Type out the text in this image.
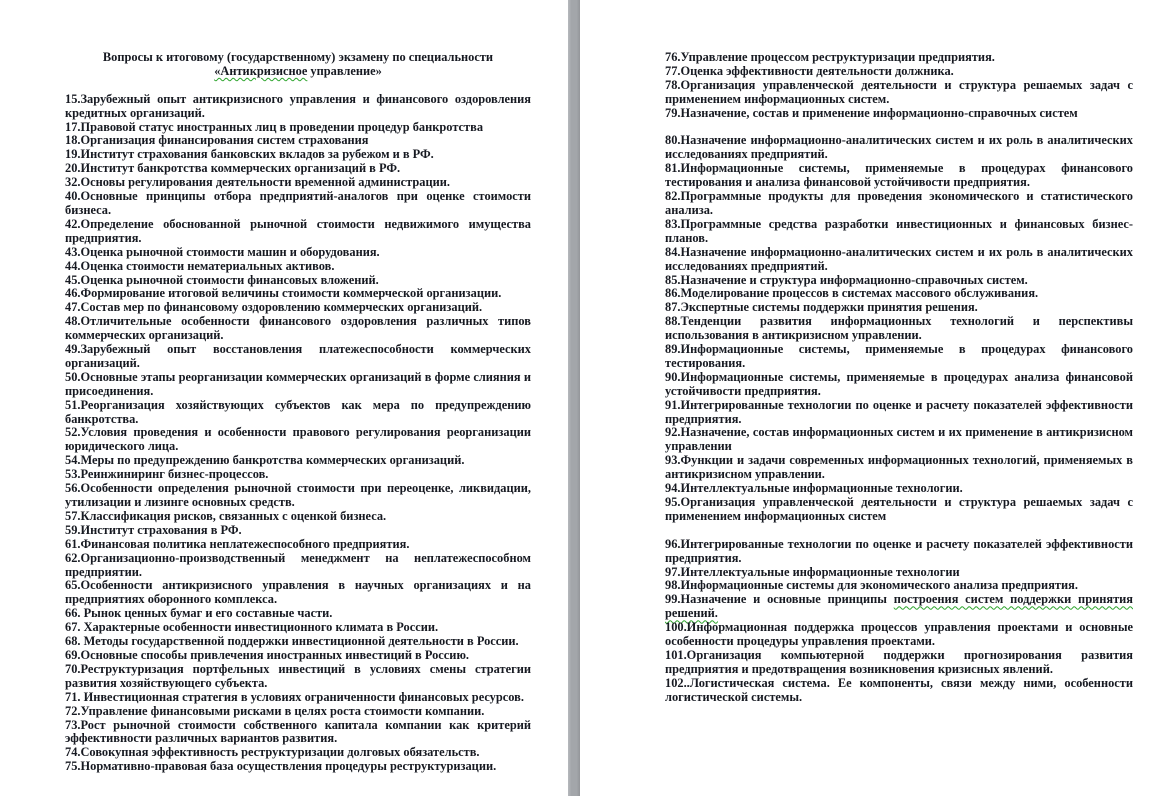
Вопросы к итоговому (государственному) экзамену по специальности

«Антикризисное управление»

15.Зарубежный опыт антикризисного управления и финансового оздоровления кредитных организаций.

17.Правовой статус иностранных лиц в проведении процедур банкротства

18.Организация финансирования систем страхования

19.Институт страхования банковских вкладов за рубежом и в РФ.

20.Институт банкротства коммерческих организаций в РФ.

32.Основы регулирования деятельности временной администрации.

40.Основные принципы отбора предприятий-аналогов при оценке стоимости бизнеса.

42.Определение обоснованной рыночной стоимости недвижимого имущества предприятия.

43.Оценка рыночной стоимости машин и оборудования.

44.Оценка стоимости нематериальных активов.

45.Оценка рыночной стоимости финансовых вложений.

46.Формирование итоговой величины стоимости коммерческой организации.

47.Состав мер по финансовому оздоровлению коммерческих организаций.

48.Отличительные особенности финансового оздоровления различных типов коммерческих организаций.

49.Зарубежный опыт восстановления платежеспособности коммерческих организаций.

50.Основные этапы реорганизации коммерческих организаций в форме слияния и присоединения.

51.Реорганизация хозяйствующих субъектов как мера по предупреждению банкротства.

52.Условия проведения и особенности правового регулирования реорганизации юридического лица.

54.Меры по предупреждению банкротства коммерческих организаций.

53.Реинжиниринг бизнес-процессов.

56.Особенности определения рыночной стоимости при переоценке, ликвидации, утилизации и лизинге основных средств.

57.Классификация рисков, связанных с оценкой бизнеса.

59.Институт страхования в РФ.

61.Финансовая политика неплатежеспособного предприятия.

62.Организационно-производственный менеджмент на неплатежеспособном предприятии.

65.Особенности антикризисного управления в научных организациях и на предприятиях оборонного комплекса.

66. Рынок ценных бумаг и его составные части.

67. Характерные особенности инвестиционного климата в России.

68. Методы государственной поддержки инвестиционной деятельности в России.

69.Основные способы привлечения иностранных инвестиций в Россию.

70.Реструктуризация портфельных инвестиций в условиях смены стратегии развития хозяйствующего субъекта.

71. Инвестиционная стратегия в условиях ограниченности финансовых ресурсов.

72.Управление финансовыми рисками в целях роста стоимости компании.

73.Рост рыночной стоимости собственного капитала компании как критерий эффективности различных вариантов развития.

74.Совокупная эффективность реструктуризации долговых обязательств.

75.Нормативно-правовая база осуществления процедуры реструктуризации.

76.Управление процессом реструктуризации предприятия.

77.Оценка эффективности деятельности должника.

78.Организация управленческой деятельности и структура решаемых задач с применением информационных систем.

79.Назначение, состав и применение информационно-справочных систем

80.Назначение информационно-аналитических систем и их роль в аналитических исследованиях предприятий.

81.Информационные системы, применяемые в процедурах финансового тестирования и анализа финансовой устойчивости предприятия.

82.Программные продукты для проведения экономического и статистического анализа.

83.Программные средства разработки инвестиционных и финансовых бизнес-планов.

84.Назначение информационно-аналитических систем и их роль в аналитических исследованиях предприятий.

85.Назначение и структура информационно-справочных систем.

86.Моделирование процессов в системах массового обслуживания.

87.Экспертные системы поддержки принятия решения.

88.Тенденции развития информационных технологий и перспективы использования в антикризисном управлении.

89.Информационные системы, применяемые в процедурах финансового тестирования.

90.Информационные системы, применяемые в процедурах анализа финансовой устойчивости предприятия.

91.Интегрированные технологии по оценке и расчету показателей эффективности предприятия.

92.Назначение, состав информационных систем и их применение в антикризисном управлении

93.Функции и задачи современных информационных технологий, применяемых в антикризисном управлении.

94.Интеллектуальные информационные технологии.

95.Организация управленческой деятельности и структура решаемых задач с применением информационных систем

96.Интегрированные технологии по оценке и расчету показателей эффективности предприятия.

97.Интеллектуальные информационные технологии

98.Информационные системы для экономического анализа предприятия.

99.Назначение и основные принципы построения систем поддержки принятия решений.

100.Информационная поддержка процессов управления проектами и основные особенности процедуры управления проектами.

101.Организация компьютерной поддержки прогнозирования развития предприятия и предотвращения возникновения кризисных явлений.

102..Логистическая система. Ее компоненты, связи между ними, особенности логистической системы.
